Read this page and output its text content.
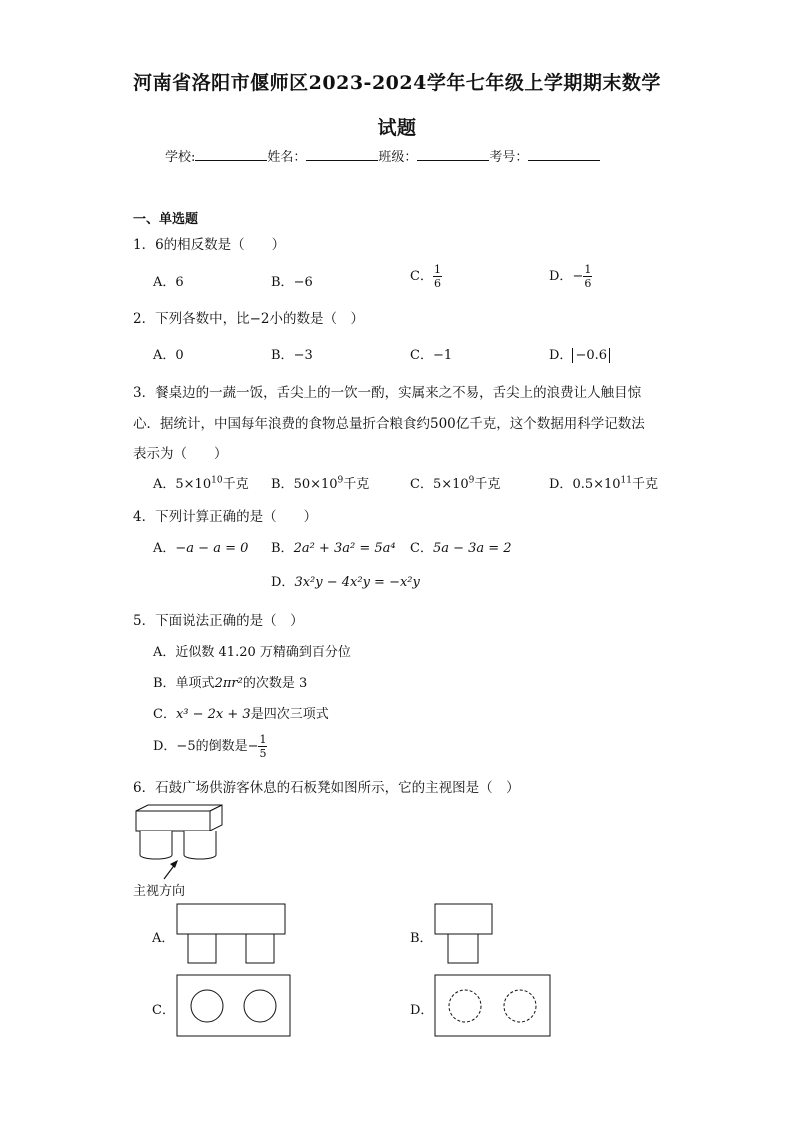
河南省洛阳市偃师区2023-2024学年七年级上学期期末数学
试题
学校:	姓名：	班级：	考号：
一、单选题
1．6的相反数是（　　）
A．6	B．−6	C． $\frac{1}{6}$	D．− $\frac{1}{6}$
2．下列各数中，比−2小的数是（　）
A．0	B．−3	C．−1	D． −0.6
3．餐桌边的一蔬一饭，舌尖上的一饮一酌，实属来之不易，舌尖上的浪费让人触目惊
心．据统计，中国每年浪费的食物总量折合粮食约500亿千克，这个数据用科学记数法
表示为（　　）
A．$5\times 10^{10}$千克 B．$50\times 10^9$千克	C．$5\times 10^9$千克	D．$0.5\times 10^{11}$千克
4．下列计算正确的是（　　）
A．−a − a = 0 B．2a² + 3a² = 5a⁴ C．5a − 3a = 2
D．3x²y − 4x²y = −x²y
5．下面说法正确的是（　）
A．近似数 41.20 万精确到百分位
B．单项式2πr²的次数是 3
C．x³ − 2x + 3是四次三项式
D．−5的倒数是− $\frac{1}{5}$
6．石鼓广场供游客休息的石板凳如图所示，它的主视图是（　）
主视方向
A．	B．
C．	D．
